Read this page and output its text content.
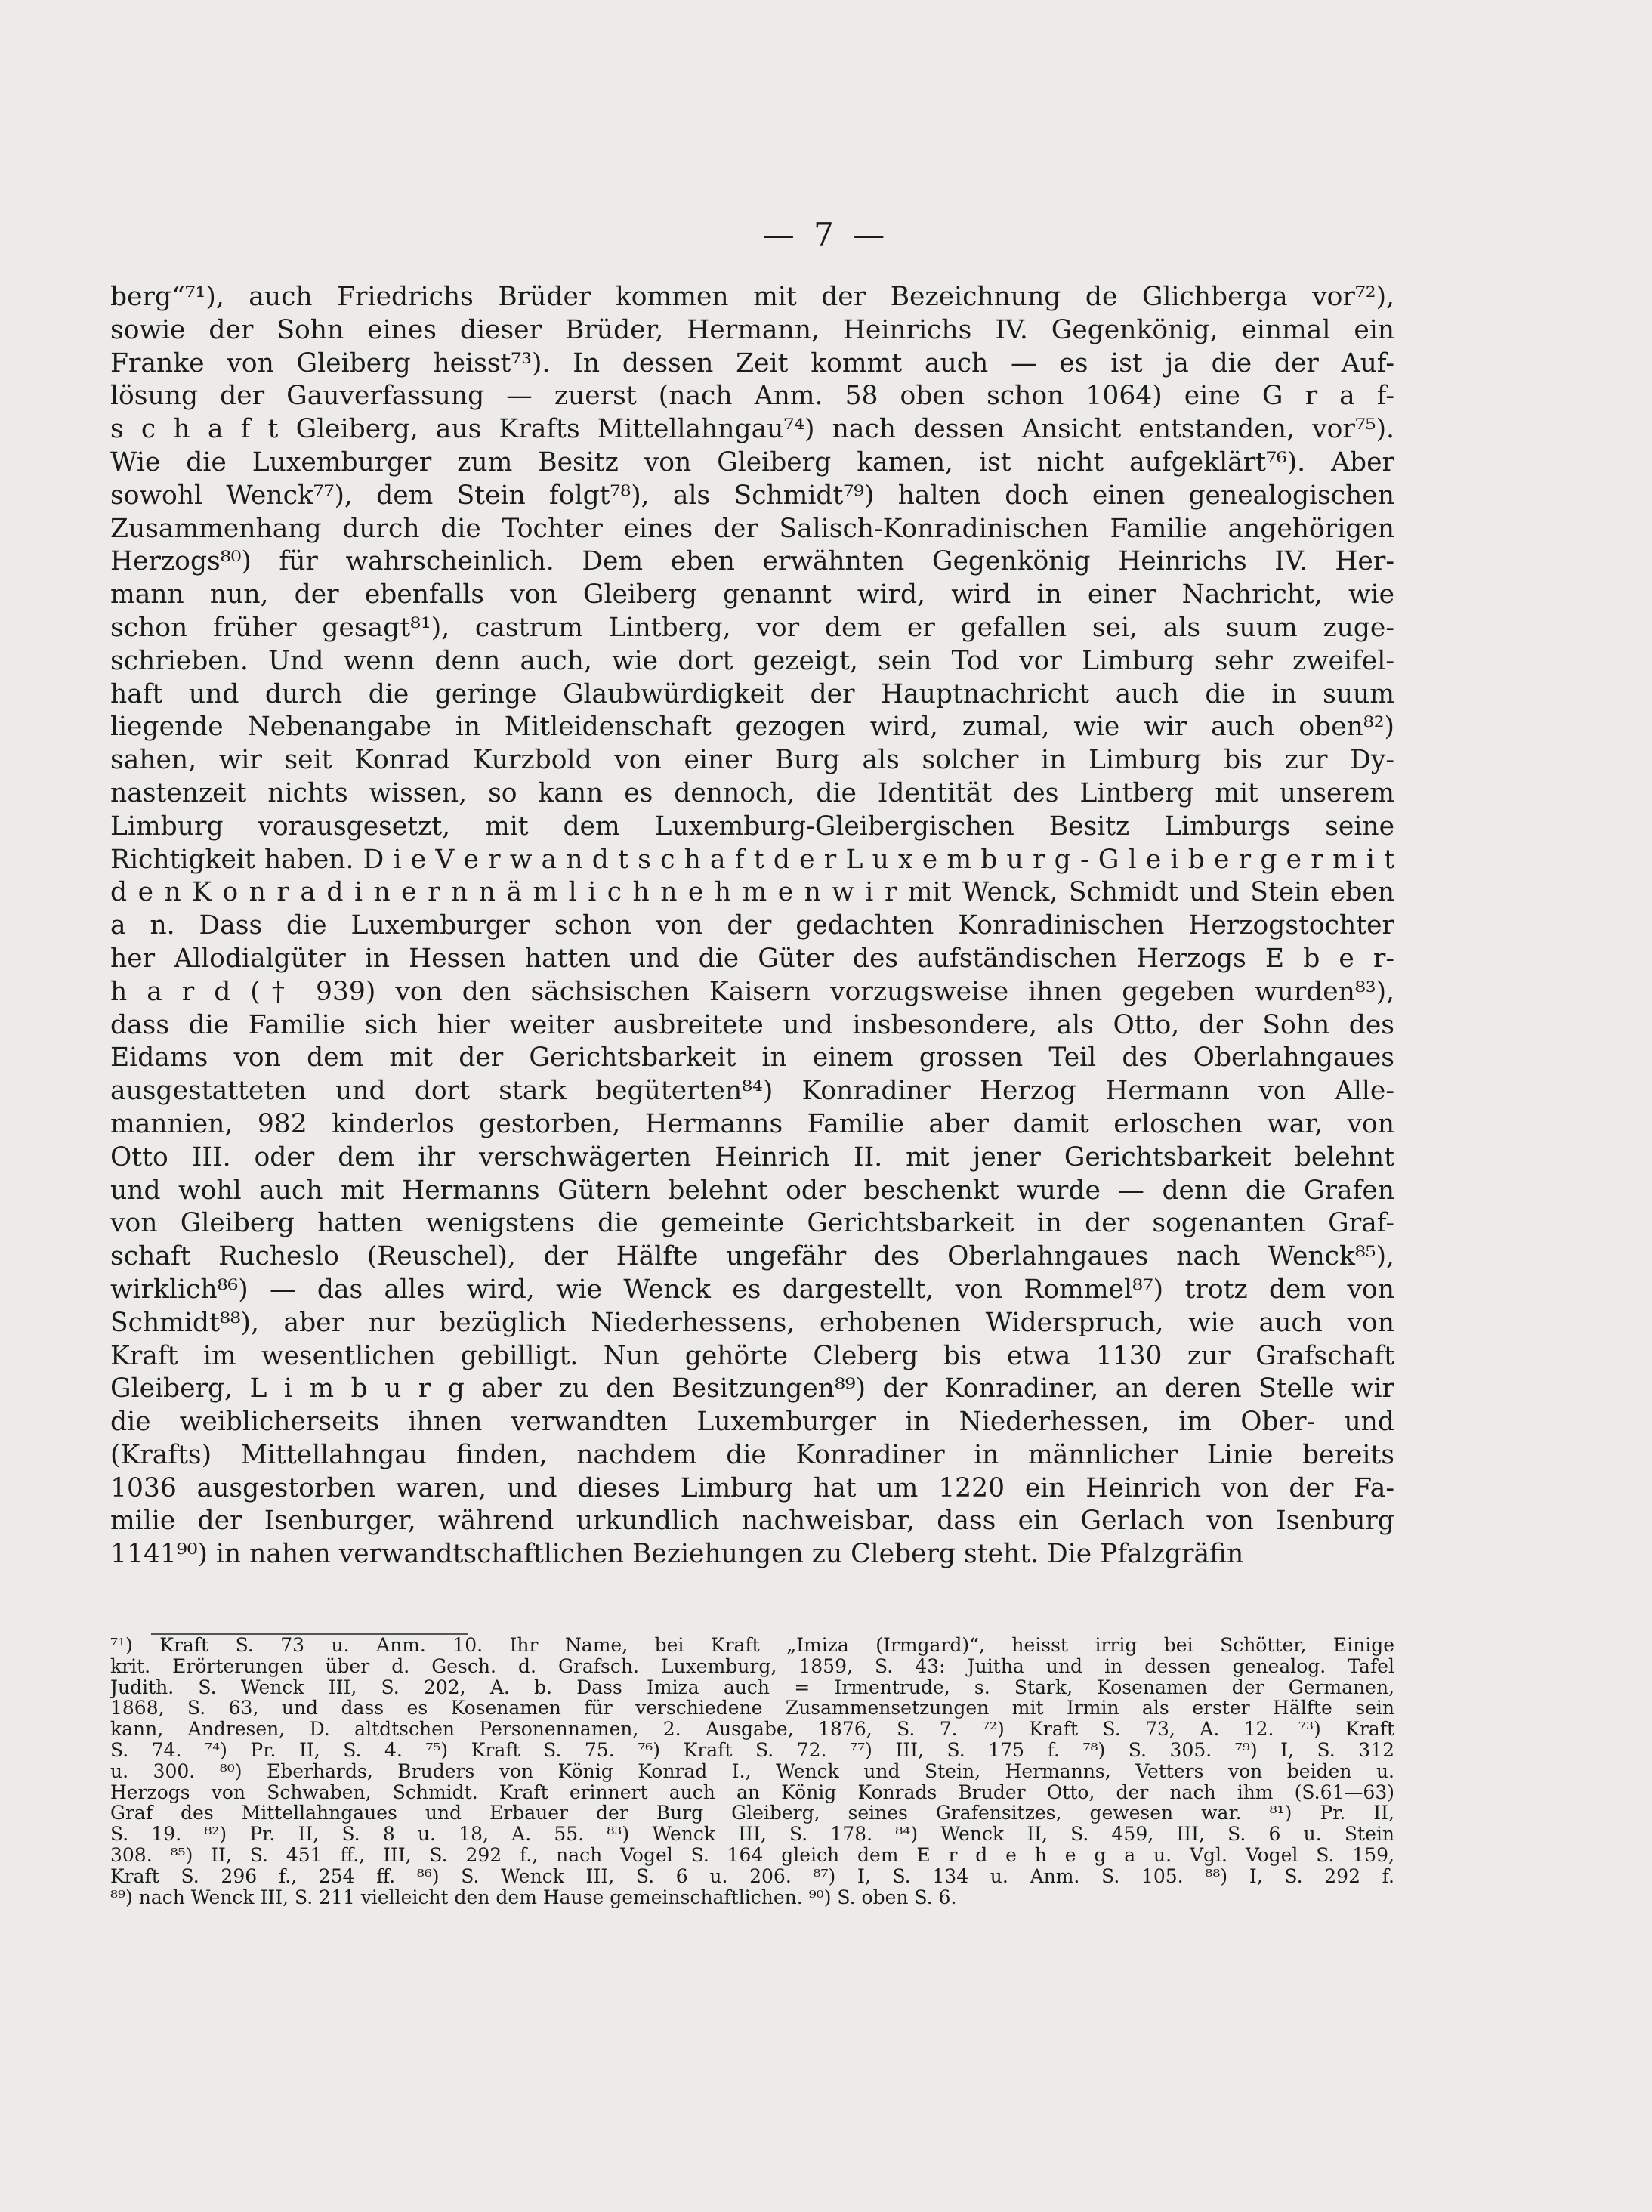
— 7 —
berg“⁷¹), auch Friedrichs Brüder kommen mit der Bezeichnung de Glichberga vor⁷²),
sowie der Sohn eines dieser Brüder, Hermann, Heinrichs IV. Gegenkönig, einmal ein
Franke von Gleiberg heisst⁷³). In dessen Zeit kommt auch — es ist ja die der Auf-
lösung der Gauverfassung — zuerst (nach Anm. 58 oben schon 1064) eine G r a f-
s c h a f t Gleiberg, aus Krafts Mittellahngau⁷⁴) nach dessen Ansicht entstanden, vor⁷⁵).
Wie die Luxemburger zum Besitz von Gleiberg kamen, ist nicht aufgeklärt⁷⁶). Aber
sowohl Wenck⁷⁷), dem Stein folgt⁷⁸), als Schmidt⁷⁹) halten doch einen genealogischen
Zusammenhang durch die Tochter eines der Salisch-Konradinischen Familie angehörigen
Herzogs⁸⁰) für wahrscheinlich. Dem eben erwähnten Gegenkönig Heinrichs IV. Her-
mann nun, der ebenfalls von Gleiberg genannt wird, wird in einer Nachricht, wie
schon früher gesagt⁸¹), castrum Lintberg, vor dem er gefallen sei, als suum zuge-
schrieben. Und wenn denn auch, wie dort gezeigt, sein Tod vor Limburg sehr zweifel-
haft und durch die geringe Glaubwürdigkeit der Hauptnachricht auch die in suum
liegende Nebenangabe in Mitleidenschaft gezogen wird, zumal, wie wir auch oben⁸²)
sahen, wir seit Konrad Kurzbold von einer Burg als solcher in Limburg bis zur Dy-
nastenzeit nichts wissen, so kann es dennoch, die Identität des Lintberg mit unserem
Limburg vorausgesetzt, mit dem Luxemburg-Gleibergischen Besitz Limburgs seine
Richtigkeit haben. D i e V e r w a n d t s c h a f t d e r L u x e m b u r g - G l e i b e r g e r m i t
d e n K o n r a d i n e r n n ä m l i c h n e h m e n w i r mit Wenck, Schmidt und Stein eben
a n. Dass die Luxemburger schon von der gedachten Konradinischen Herzogstochter
her Allodialgüter in Hessen hatten und die Güter des aufständischen Herzogs E b e r-
h a r d († 939) von den sächsischen Kaisern vorzugsweise ihnen gegeben wurden⁸³),
dass die Familie sich hier weiter ausbreitete und insbesondere, als Otto, der Sohn des
Eidams von dem mit der Gerichtsbarkeit in einem grossen Teil des Oberlahngaues
ausgestatteten und dort stark begüterten⁸⁴) Konradiner Herzog Hermann von Alle-
mannien, 982 kinderlos gestorben, Hermanns Familie aber damit erloschen war, von
Otto III. oder dem ihr verschwägerten Heinrich II. mit jener Gerichtsbarkeit belehnt
und wohl auch mit Hermanns Gütern belehnt oder beschenkt wurde — denn die Grafen
von Gleiberg hatten wenigstens die gemeinte Gerichtsbarkeit in der sogenanten Graf-
schaft Rucheslo (Reuschel), der Hälfte ungefähr des Oberlahngaues nach Wenck⁸⁵),
wirklich⁸⁶) — das alles wird, wie Wenck es dargestellt, von Rommel⁸⁷) trotz dem von
Schmidt⁸⁸), aber nur bezüglich Niederhessens, erhobenen Widerspruch, wie auch von
Kraft im wesentlichen gebilligt. Nun gehörte Cleberg bis etwa 1130 zur Grafschaft
Gleiberg, L i m b u r g aber zu den Besitzungen⁸⁹) der Konradiner, an deren Stelle wir
die weiblicherseits ihnen verwandten Luxemburger in Niederhessen, im Ober- und
(Krafts) Mittellahngau finden, nachdem die Konradiner in männlicher Linie bereits
1036 ausgestorben waren, und dieses Limburg hat um 1220 ein Heinrich von der Fa-
milie der Isenburger, während urkundlich nachweisbar, dass ein Gerlach von Isenburg
1141⁹⁰) in nahen verwandtschaftlichen Beziehungen zu Cleberg steht. Die Pfalzgräfin
⁷¹) Kraft S. 73 u. Anm. 10. Ihr Name, bei Kraft „Imiza (Irmgard)“, heisst irrig bei Schötter, Einige
krit. Erörterungen über d. Gesch. d. Grafsch. Luxemburg, 1859, S. 43: Juitha und in dessen genealog. Tafel
Judith. S. Wenck III, S. 202, A. b. Dass Imiza auch = Irmentrude, s. Stark, Kosenamen der Germanen,
1868, S. 63, und dass es Kosenamen für verschiedene Zusammensetzungen mit Irmin als erster Hälfte sein
kann, Andresen, D. altdtschen Personennamen, 2. Ausgabe, 1876, S. 7. ⁷²) Kraft S. 73, A. 12. ⁷³) Kraft
S. 74. ⁷⁴) Pr. II, S. 4. ⁷⁵) Kraft S. 75. ⁷⁶) Kraft S. 72. ⁷⁷) III, S. 175 f. ⁷⁸) S. 305. ⁷⁹) I, S. 312
u. 300. ⁸⁰) Eberhards, Bruders von König Konrad I., Wenck und Stein, Hermanns, Vetters von beiden u.
Herzogs von Schwaben, Schmidt. Kraft erinnert auch an König Konrads Bruder Otto, der nach ihm (S.61—63)
Graf des Mittellahngaues und Erbauer der Burg Gleiberg, seines Grafensitzes, gewesen war. ⁸¹) Pr. II,
S. 19. ⁸²) Pr. II, S. 8 u. 18, A. 55. ⁸³) Wenck III, S. 178. ⁸⁴) Wenck II, S. 459, III, S. 6 u. Stein
308. ⁸⁵) II, S. 451 ff., III, S. 292 f., nach Vogel S. 164 gleich dem E r d e h e g a u. Vgl. Vogel S. 159,
Kraft S. 296 f., 254 ff. ⁸⁶) S. Wenck III, S. 6 u. 206. ⁸⁷) I, S. 134 u. Anm. S. 105. ⁸⁸) I, S. 292 f.
⁸⁹) nach Wenck III, S. 211 vielleicht den dem Hause gemeinschaftlichen. ⁹⁰) S. oben S. 6.
